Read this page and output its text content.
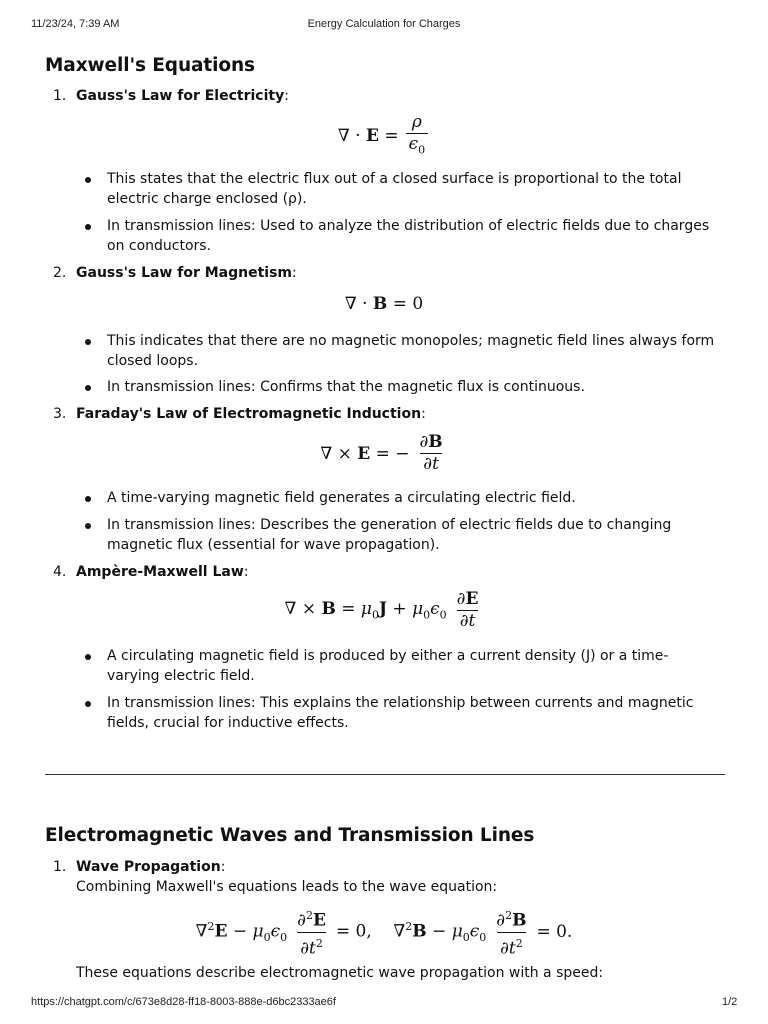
11/23/24, 7:39 AM	Energy Calculation for Charges
Maxwell's Equations
1. Gauss's Law for Electricity:
∇ · $E = \frac{\rho}{\epsilon_0}$
This states that the electric flux out of a closed surface is proportional to the total electric charge enclosed (ρ).
In transmission lines: Used to analyze the distribution of electric fields due to charges on conductors.
2. Gauss's Law for Magnetism:
∇ · B = 0
This indicates that there are no magnetic monopoles; magnetic field lines always form closed loops.
In transmission lines: Confirms that the magnetic flux is continuous.
3. Faraday's Law of Electromagnetic Induction:
∇ × E = − $\frac{\partial B}{\partial t}$
A time-varying magnetic field generates a circulating electric field.
In transmission lines: Describes the generation of electric fields due to changing magnetic flux (essential for wave propagation).
4. Ampère-Maxwell Law:
∇ × $B = \mu_0J + \mu_0\epsilon_0 \frac{\partial E}{\partial t}$
A circulating magnetic field is produced by either a current density (J) or a time-varying electric field.
In transmission lines: This explains the relationship between currents and magnetic fields, crucial for inductive effects.
Electromagnetic Waves and Transmission Lines
1. Wave Propagation:
Combining Maxwell's equations leads to the wave equation:
$\nabla^2E - \mu_0\epsilon_0 \frac{\partial^2E}{\partial t^2} = 0$,    $\nabla^2B - \mu_0\epsilon_0 \frac{\partial^2B}{\partial t^2} = 0$.
These equations describe electromagnetic wave propagation with a speed:
https://chatgpt.com/c/673e8d28-ff18-8003-888e-d6bc2333ae6f	1/2
